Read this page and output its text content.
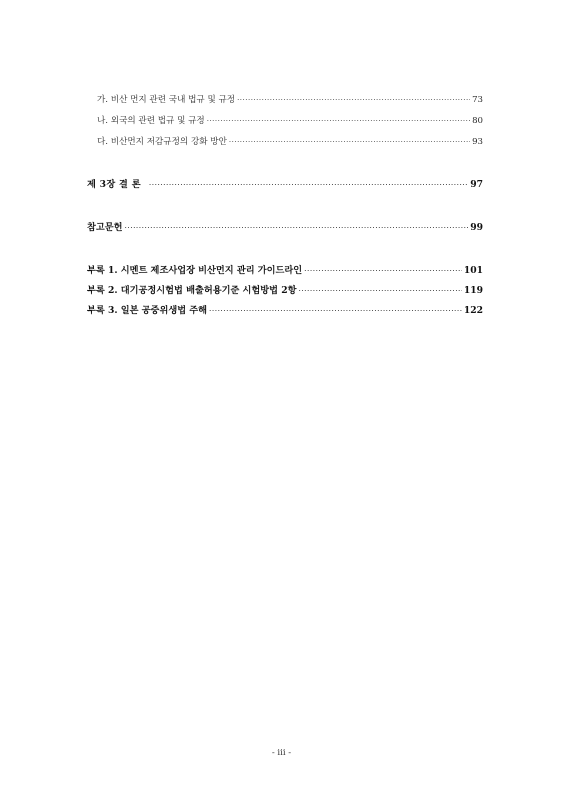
가. 비산 먼지 관련 국내 법규 및 규정 ·····	73
나. 외국의 관련 법규 및 규정 ·····	80
다. 비산먼지 저감규정의 강화 방안 ·····	93
제 3장 결 론 ·····	97
참고문헌 ·····	99
부록 1. 시멘트 제조사업장 비산먼지 관리 가이드라인 ·····	101
부록 2. 대기공정시험법 배출허용기준 시험방법 2항 ·····	119
부록 3. 일본 공중위생법 주해 ·····	122
- iii -
